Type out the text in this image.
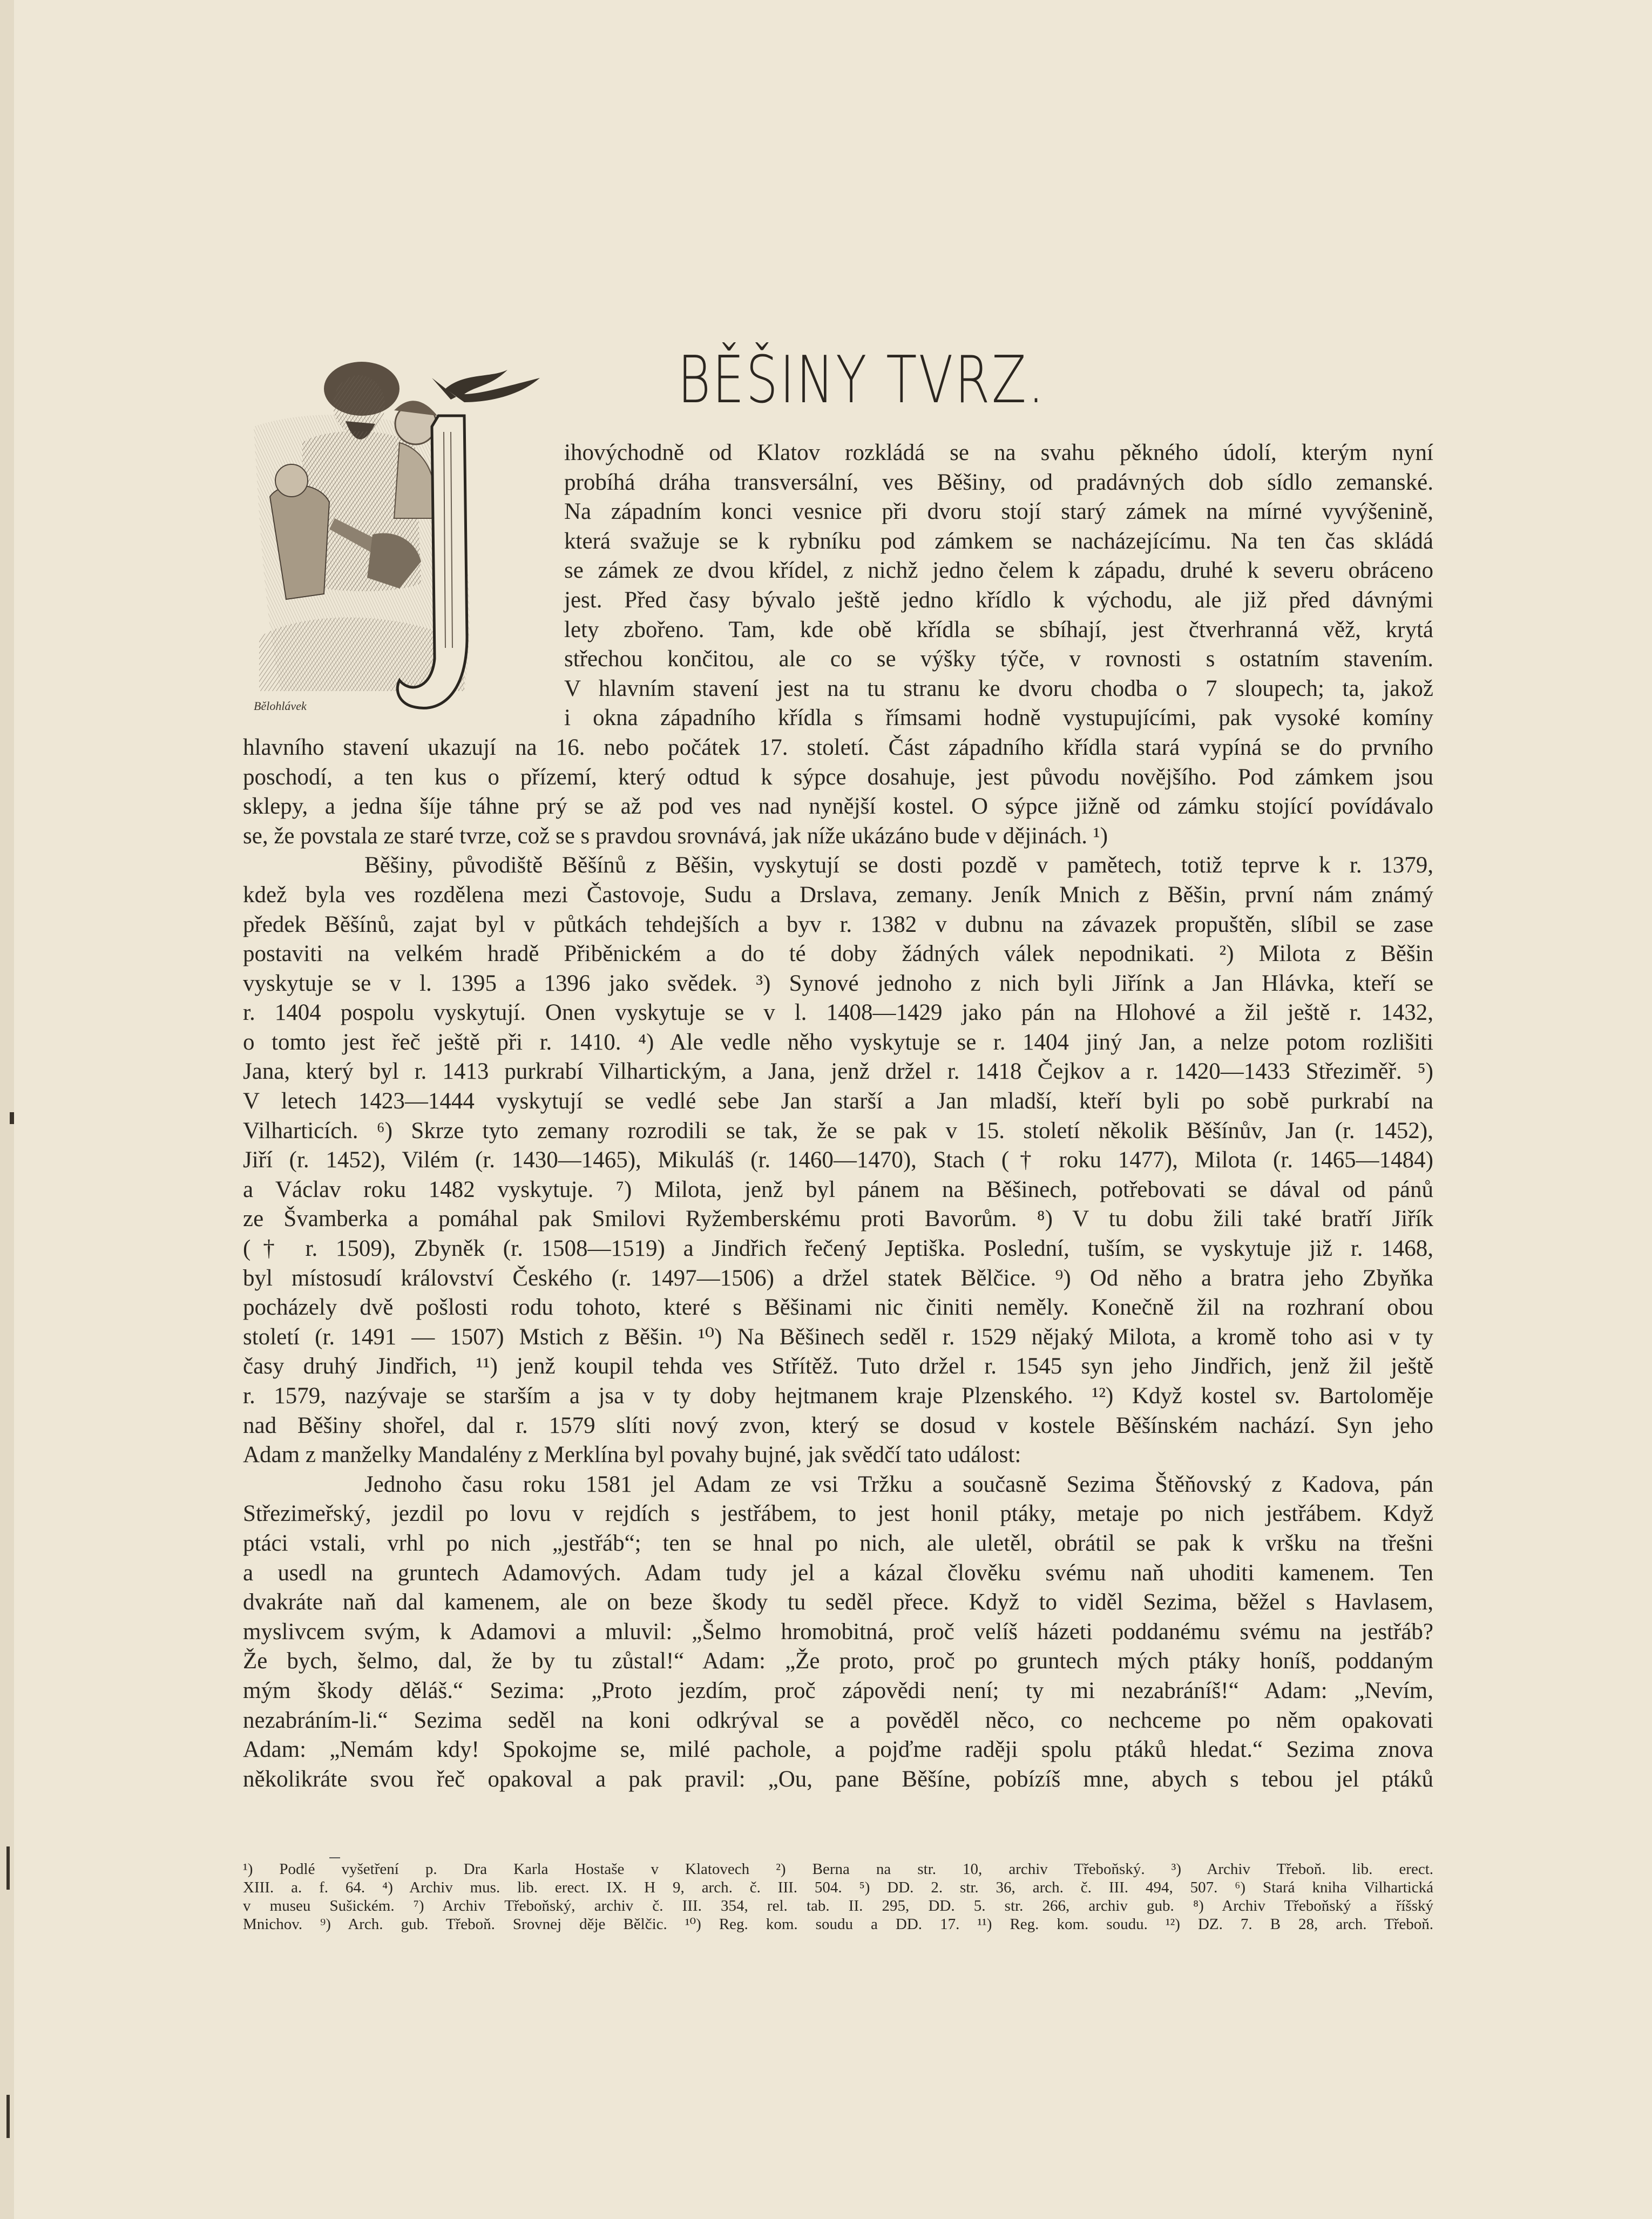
BĚŠINY TVRZ.
Bělohlávek
ihovýchodně od Klatov rozkládá se na svahu pěkného údolí, kterým nyní
probíhá dráha transversální, ves Běšiny, od pradávných dob sídlo zemanské.
Na západním konci vesnice při dvoru stojí starý zámek na mírné vyvýšenině,
která svažuje se k rybníku pod zámkem se nacházejícímu. Na ten čas skládá
se zámek ze dvou křídel, z nichž jedno čelem k západu, druhé k severu obráceno
jest. Před časy bývalo ještě jedno křídlo k východu, ale již před dávnými
lety zbořeno. Tam, kde obě křídla se sbíhají, jest čtverhranná věž, krytá
střechou končitou, ale co se výšky týče, v rovnosti s ostatním stavením.
V hlavním stavení jest na tu stranu ke dvoru chodba o 7 sloupech; ta, jakož
i okna západního křídla s římsami hodně vystupujícími, pak vysoké komíny
hlavního stavení ukazují na 16. nebo počátek 17. století. Část západního křídla stará vypíná se do prvního
poschodí, a ten kus o přízemí, který odtud k sýpce dosahuje, jest původu novějšího. Pod zámkem jsou
sklepy, a jedna šíje táhne prý se až pod ves nad nynější kostel. O sýpce jižně od zámku stojící povídávalo
se, že povstala ze staré tvrze, což se s pravdou srovnává, jak níže ukázáno bude v dějinách. ¹)
Běšiny, původiště Běšínů z Běšin, vyskytují se dosti pozdě v pamětech, totiž teprve k r. 1379,
kdež byla ves rozdělena mezi Častovoje, Sudu a Drslava, zemany. Jeník Mnich z Běšin, první nám známý
předek Běšínů, zajat byl v půtkách tehdejších a byv r. 1382 v dubnu na závazek propuštěn, slíbil se zase
postaviti na velkém hradě Přiběnickém a do té doby žádných válek nepodnikati. ²) Milota z Běšin
vyskytuje se v l. 1395 a 1396 jako svědek. ³) Synové jednoho z nich byli Jiřínk a Jan Hlávka, kteří se
r. 1404 pospolu vyskytují. Onen vyskytuje se v l. 1408—1429 jako pán na Hlohové a žil ještě r. 1432,
o tomto jest řeč ještě při r. 1410. ⁴) Ale vedle něho vyskytuje se r. 1404 jiný Jan, a nelze potom rozlišiti
Jana, který byl r. 1413 purkrabí Vilhartickým, a Jana, jenž držel r. 1418 Čejkov a r. 1420—1433 Střeziměř. ⁵)
V letech 1423—1444 vyskytují se vedlé sebe Jan starší a Jan mladší, kteří byli po sobě purkrabí na
Vilharticích. ⁶) Skrze tyto zemany rozrodili se tak, že se pak v 15. století několik Běšínův, Jan (r. 1452),
Jiří (r. 1452), Vilém (r. 1430—1465), Mikuláš (r. 1460—1470), Stach († roku 1477), Milota (r. 1465—1484)
a Václav roku 1482 vyskytuje. ⁷) Milota, jenž byl pánem na Běšinech, potřebovati se dával od pánů
ze Švamberka a pomáhal pak Smilovi Ryžemberskému proti Bavorům. ⁸) V tu dobu žili také bratří Jiřík
(† r. 1509), Zbyněk (r. 1508—1519) a Jindřich řečený Jeptiška. Poslední, tuším, se vyskytuje již r. 1468,
byl místosudí království Českého (r. 1497—1506) a držel statek Bělčice. ⁹) Od něho a bratra jeho Zbyňka
pocházely dvě pošlosti rodu tohoto, které s Běšinami nic činiti neměly. Konečně žil na rozhraní obou
století (r. 1491 — 1507) Mstich z Běšin. ¹⁰) Na Běšinech seděl r. 1529 nějaký Milota, a kromě toho asi v ty
časy druhý Jindřich, ¹¹) jenž koupil tehda ves Střítěž. Tuto držel r. 1545 syn jeho Jindřich, jenž žil ještě
r. 1579, nazývaje se starším a jsa v ty doby hejtmanem kraje Plzenského. ¹²) Když kostel sv. Bartoloměje
nad Běšiny shořel, dal r. 1579 slíti nový zvon, který se dosud v kostele Běšínském nachází. Syn jeho
Adam z manželky Mandalény z Merklína byl povahy bujné, jak svědčí tato událost:
Jednoho času roku 1581 jel Adam ze vsi Tržku a současně Sezima Štěňovský z Kadova, pán
Střezimeřský, jezdil po lovu v rejdích s jestřábem, to jest honil ptáky, metaje po nich jestřábem. Když
ptáci vstali, vrhl po nich „jestřáb“; ten se hnal po nich, ale uletěl, obrátil se pak k vršku na třešni
a usedl na gruntech Adamových. Adam tudy jel a kázal člověku svému naň uhoditi kamenem. Ten
dvakráte naň dal kamenem, ale on beze škody tu seděl přece. Když to viděl Sezima, běžel s Havlasem,
myslivcem svým, k Adamovi a mluvil: „Šelmo hromobitná, proč velíš házeti poddanému svému na jestřáb?
Že bych, šelmo, dal, že by tu zůstal!“ Adam: „Že proto, proč po gruntech mých ptáky honíš, poddaným
mým škody děláš.“ Sezima: „Proto jezdím, proč zápovědi není; ty mi nezabráníš!“ Adam: „Nevím,
nezabráním-li.“ Sezima seděl na koni odkrýval se a pověděl něco, co nechceme po něm opakovati
Adam: „Nemám kdy! Spokojme se, milé pachole, a pojďme raději spolu ptáků hledat.“ Sezima znova
několikráte svou řeč opakoval a pak pravil: „Ou, pane Běšíne, pobízíš mne, abych s tebou jel ptáků
¹) Podlé vyšetření p. Dra Karla Hostaše v Klatovech ²) Berna na str. 10, archiv Třeboňský. ³) Archiv Třeboň. lib. erect.
XIII. a. f. 64. ⁴) Archiv mus. lib. erect. IX. H 9, arch. č. III. 504. ⁵) DD. 2. str. 36, arch. č. III. 494, 507. ⁶) Stará kniha Vilhartická
v museu Sušickém. ⁷) Archiv Třeboňský, archiv č. III. 354, rel. tab. II. 295, DD. 5. str. 266, archiv gub. ⁸) Archiv Třeboňský a říšský
Mnichov. ⁹) Arch. gub. Třeboň. Srovnej děje Bělčic. ¹⁰) Reg. kom. soudu a DD. 17. ¹¹) Reg. kom. soudu. ¹²) DZ. 7. B 28, arch. Třeboň.
